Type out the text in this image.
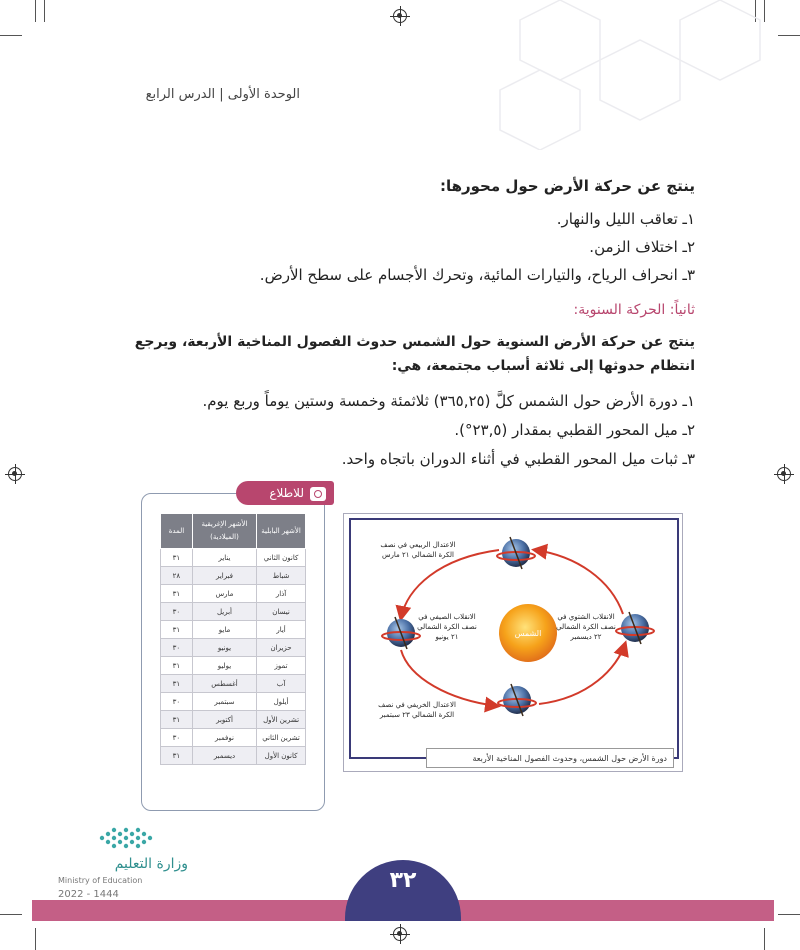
الوحدة الأولى | الدرس الرابع
ينتج عن حركة الأرض حول محورها:
١ـ تعاقب الليل والنهار.
٢ـ اختلاف الزمن.
٣ـ انحراف الرياح، والتيارات المائية، وتحرك الأجسام على سطح الأرض.
ثانياً: الحركة السنوية:
ينتج عن حركة الأرض السنوية حول الشمس حدوث الفصول المناخية الأربعة، ويرجع
انتظام حدوثها إلى ثلاثة أسباب مجتمعة، هي:
١ـ دورة الأرض حول الشمس كلَّ (٣٦٥,٢٥) ثلاثمئة وخمسة وستين يوماً وربع يوم.
٢ـ ميل المحور القطبي بمقدار (٢٣,٥°).
٣ـ ثبات ميل المحور القطبي في أثناء الدوران باتجاه واحد.
للاطلاع
الأشهر البابلية	الأشهر الإغريقية (الميلادية)	المدة
كانون الثاني	يناير	٣١
شباط	فبراير	٢٨
آذار	مارس	٣١
نيسان	أبريل	٣٠
أيار	مايو	٣١
حزيران	يونيو	٣٠
تموز	يوليو	٣١
آب	أغسطس	٣١
أيلول	سبتمبر	٣٠
تشرين الأول	أكتوبر	٣١
تشرين الثاني	نوفمبر	٣٠
كانون الأول	ديسمبر	٣١
الشمس
الاعتدال الربيعي في نصف الكرة الشمالي ٢١ مارس
الانقلاب الصيفي في نصف الكرة الشمالي ٢١ يونيو
الانقلاب الشتوي في نصف الكرة الشمالي ٢٢ ديسمبر
الاعتدال الخريفي في نصف الكرة الشمالي ٢٣ سبتمبر
دورة الأرض حول الشمس، وحدوث الفصول المناخية الأربعة
٣٢
وزارة التعليم
Ministry of Education
2022 - 1444
